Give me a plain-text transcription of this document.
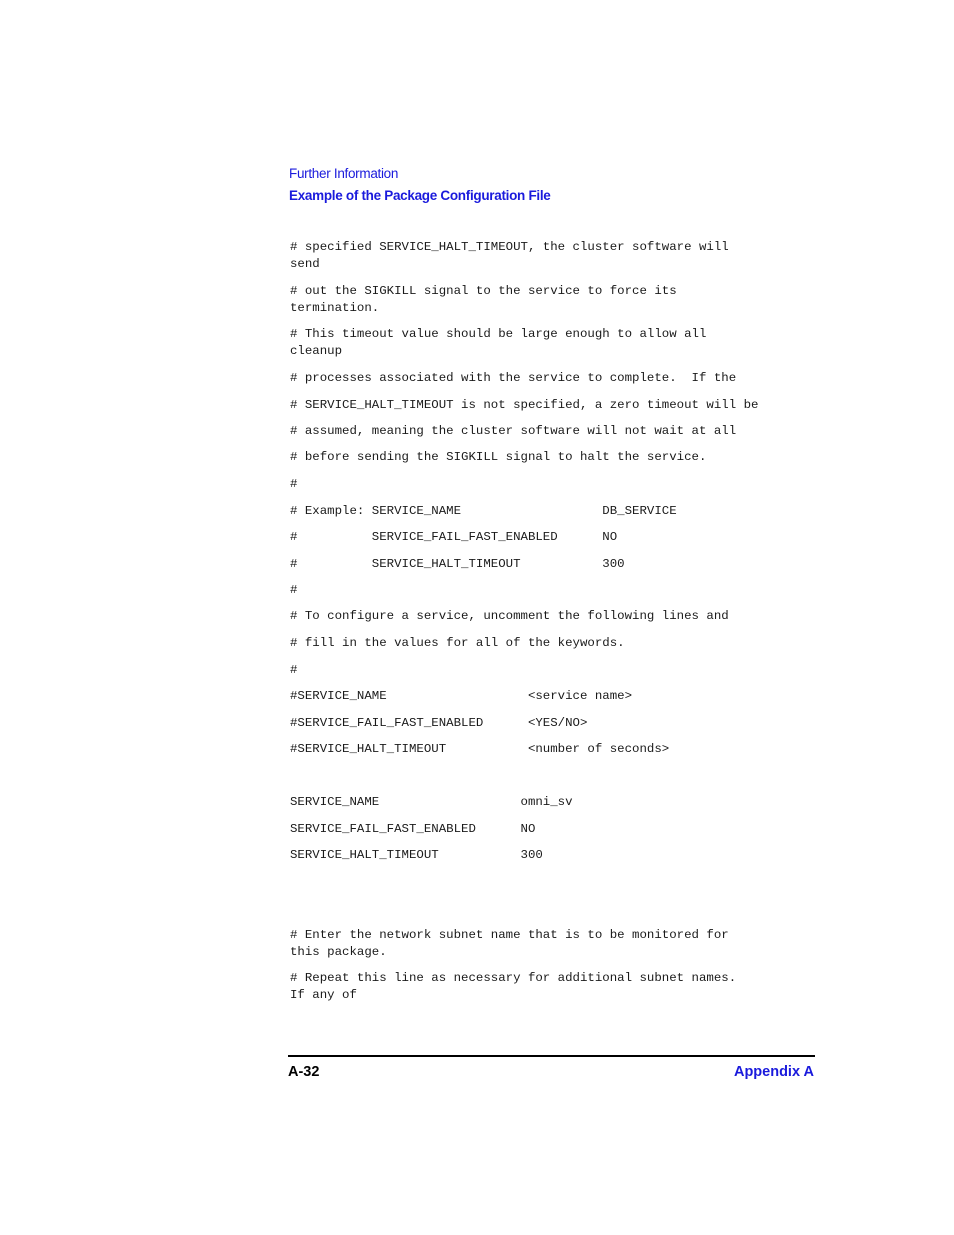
Further Information
Example of the Package Configuration File

# specified SERVICE_HALT_TIMEOUT, the cluster software will
send

# out the SIGKILL signal to the service to force its
termination.

# This timeout value should be large enough to allow all
cleanup

# processes associated with the service to complete.  If the

# SERVICE_HALT_TIMEOUT is not specified, a zero timeout will be

# assumed, meaning the cluster software will not wait at all

# before sending the SIGKILL signal to halt the service.

#

# Example: SERVICE_NAME                   DB_SERVICE

#          SERVICE_FAIL_FAST_ENABLED      NO

#          SERVICE_HALT_TIMEOUT           300

#

# To configure a service, uncomment the following lines and

# fill in the values for all of the keywords.

#

#SERVICE_NAME                   <service name>

#SERVICE_FAIL_FAST_ENABLED      <YES/NO>

#SERVICE_HALT_TIMEOUT           <number of seconds>

SERVICE_NAME                   omni_sv

SERVICE_FAIL_FAST_ENABLED      NO

SERVICE_HALT_TIMEOUT           300

# Enter the network subnet name that is to be monitored for
this package.

# Repeat this line as necessary for additional subnet names.
If any of

A-32	Appendix A
